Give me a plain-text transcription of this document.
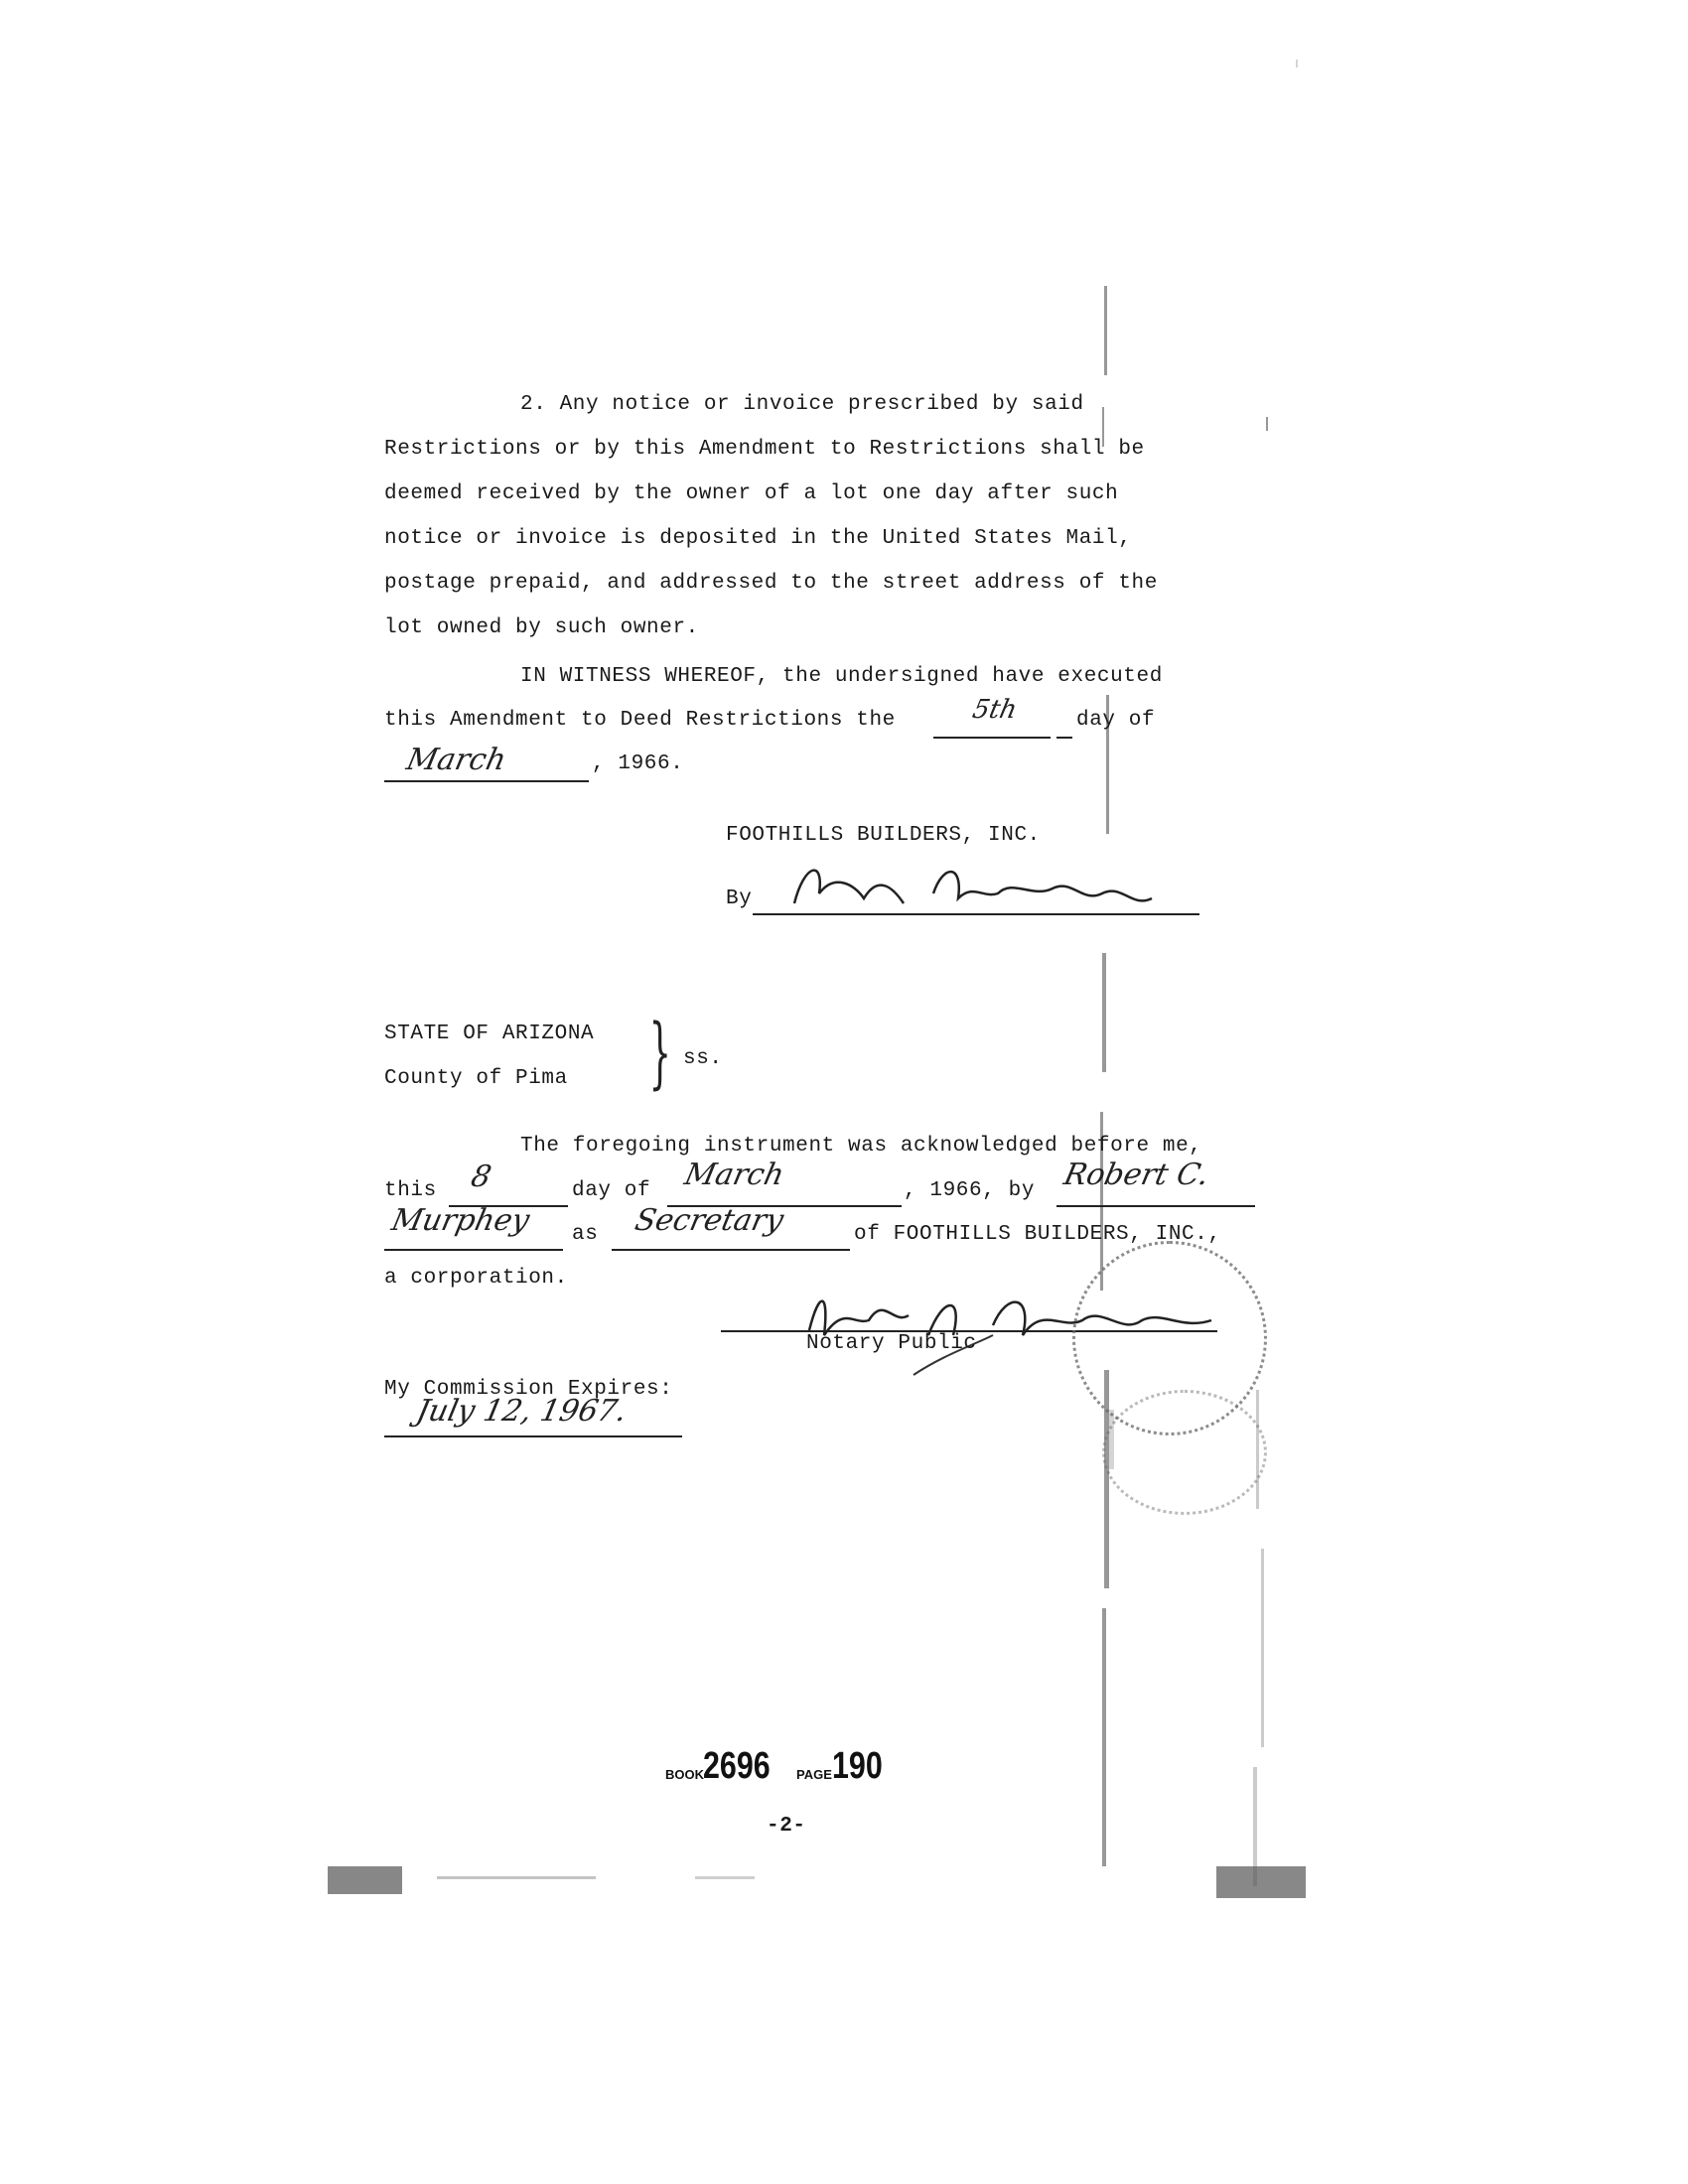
2. Any notice or invoice prescribed by said
Restrictions or by this Amendment to Restrictions shall be
deemed received by the owner of a lot one day after such
notice or invoice is deposited in the United States Mail,
postage prepaid, and addressed to the street address of the
lot owned by such owner.
IN WITNESS WHEREOF, the undersigned have executed
this Amendment to Deed Restrictions the	5th	day of
March	, 1966.
FOOTHILLS BUILDERS, INC.
By
STATE OF ARIZONA
County of Pima } ss.
The foregoing instrument was acknowledged before me,
this 8	day of March	, 1966, by Robert C.
Murphey as Secretary	of FOOTHILLS BUILDERS, INC.,
a corporation.
Notary Public
My Commission Expires:
July 12, 1967.
BOOK 2696 PAGE 190
-2-
